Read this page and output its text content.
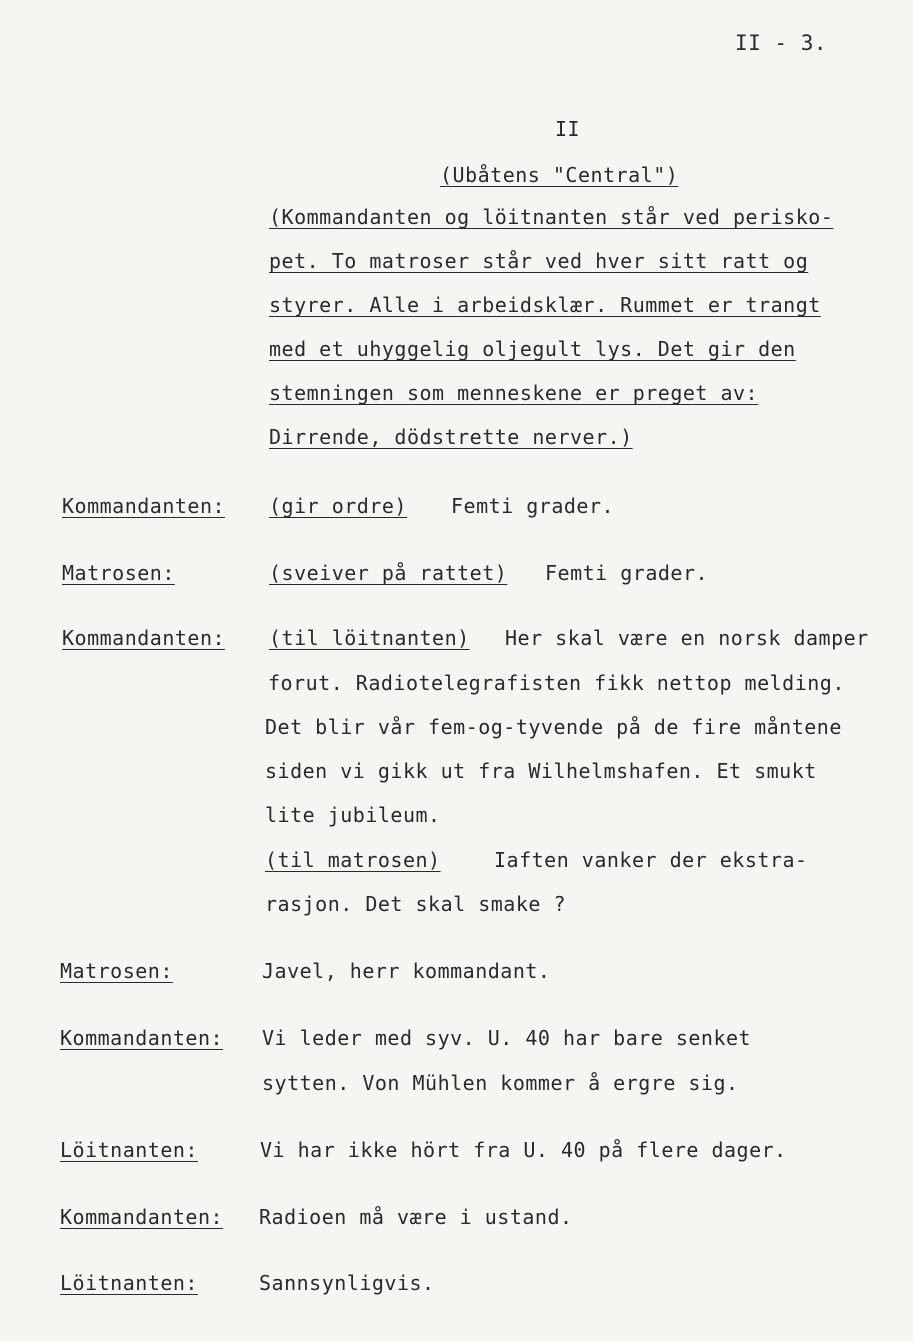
II - 3.
II
(Ubåtens "Central")
(Kommandanten og löitnanten står ved perisko-
pet. To matroser står ved hver sitt ratt og
styrer. Alle i arbeidsklær. Rummet er trangt
med et uhyggelig oljegult lys. Det gir den
stemningen som menneskene er preget av:
Dirrende, dödstrette nerver.)
Kommandanten: (gir ordre) Femti grader.
Matrosen:	(sveiver på rattet) Femti grader.
Kommandanten: (til löitnanten) Her skal være en norsk damper
forut. Radiotelegrafisten fikk nettop melding.
Det blir vår fem-og-tyvende på de fire måntene
siden vi gikk ut fra Wilhelmshafen. Et smukt
lite jubileum.
(til matrosen)	Iaften vanker der ekstra-
rasjon. Det skal smake ?
Matrosen:	Javel, herr kommandant.
Kommandanten: Vi leder med syv. U. 40 har bare senket
sytten. Von Mühlen kommer å ergre sig.
Löitnanten:	Vi har ikke hört fra U. 40 på flere dager.
Kommandanten: Radioen må være i ustand.
Löitnanten:	Sannsynligvis.
